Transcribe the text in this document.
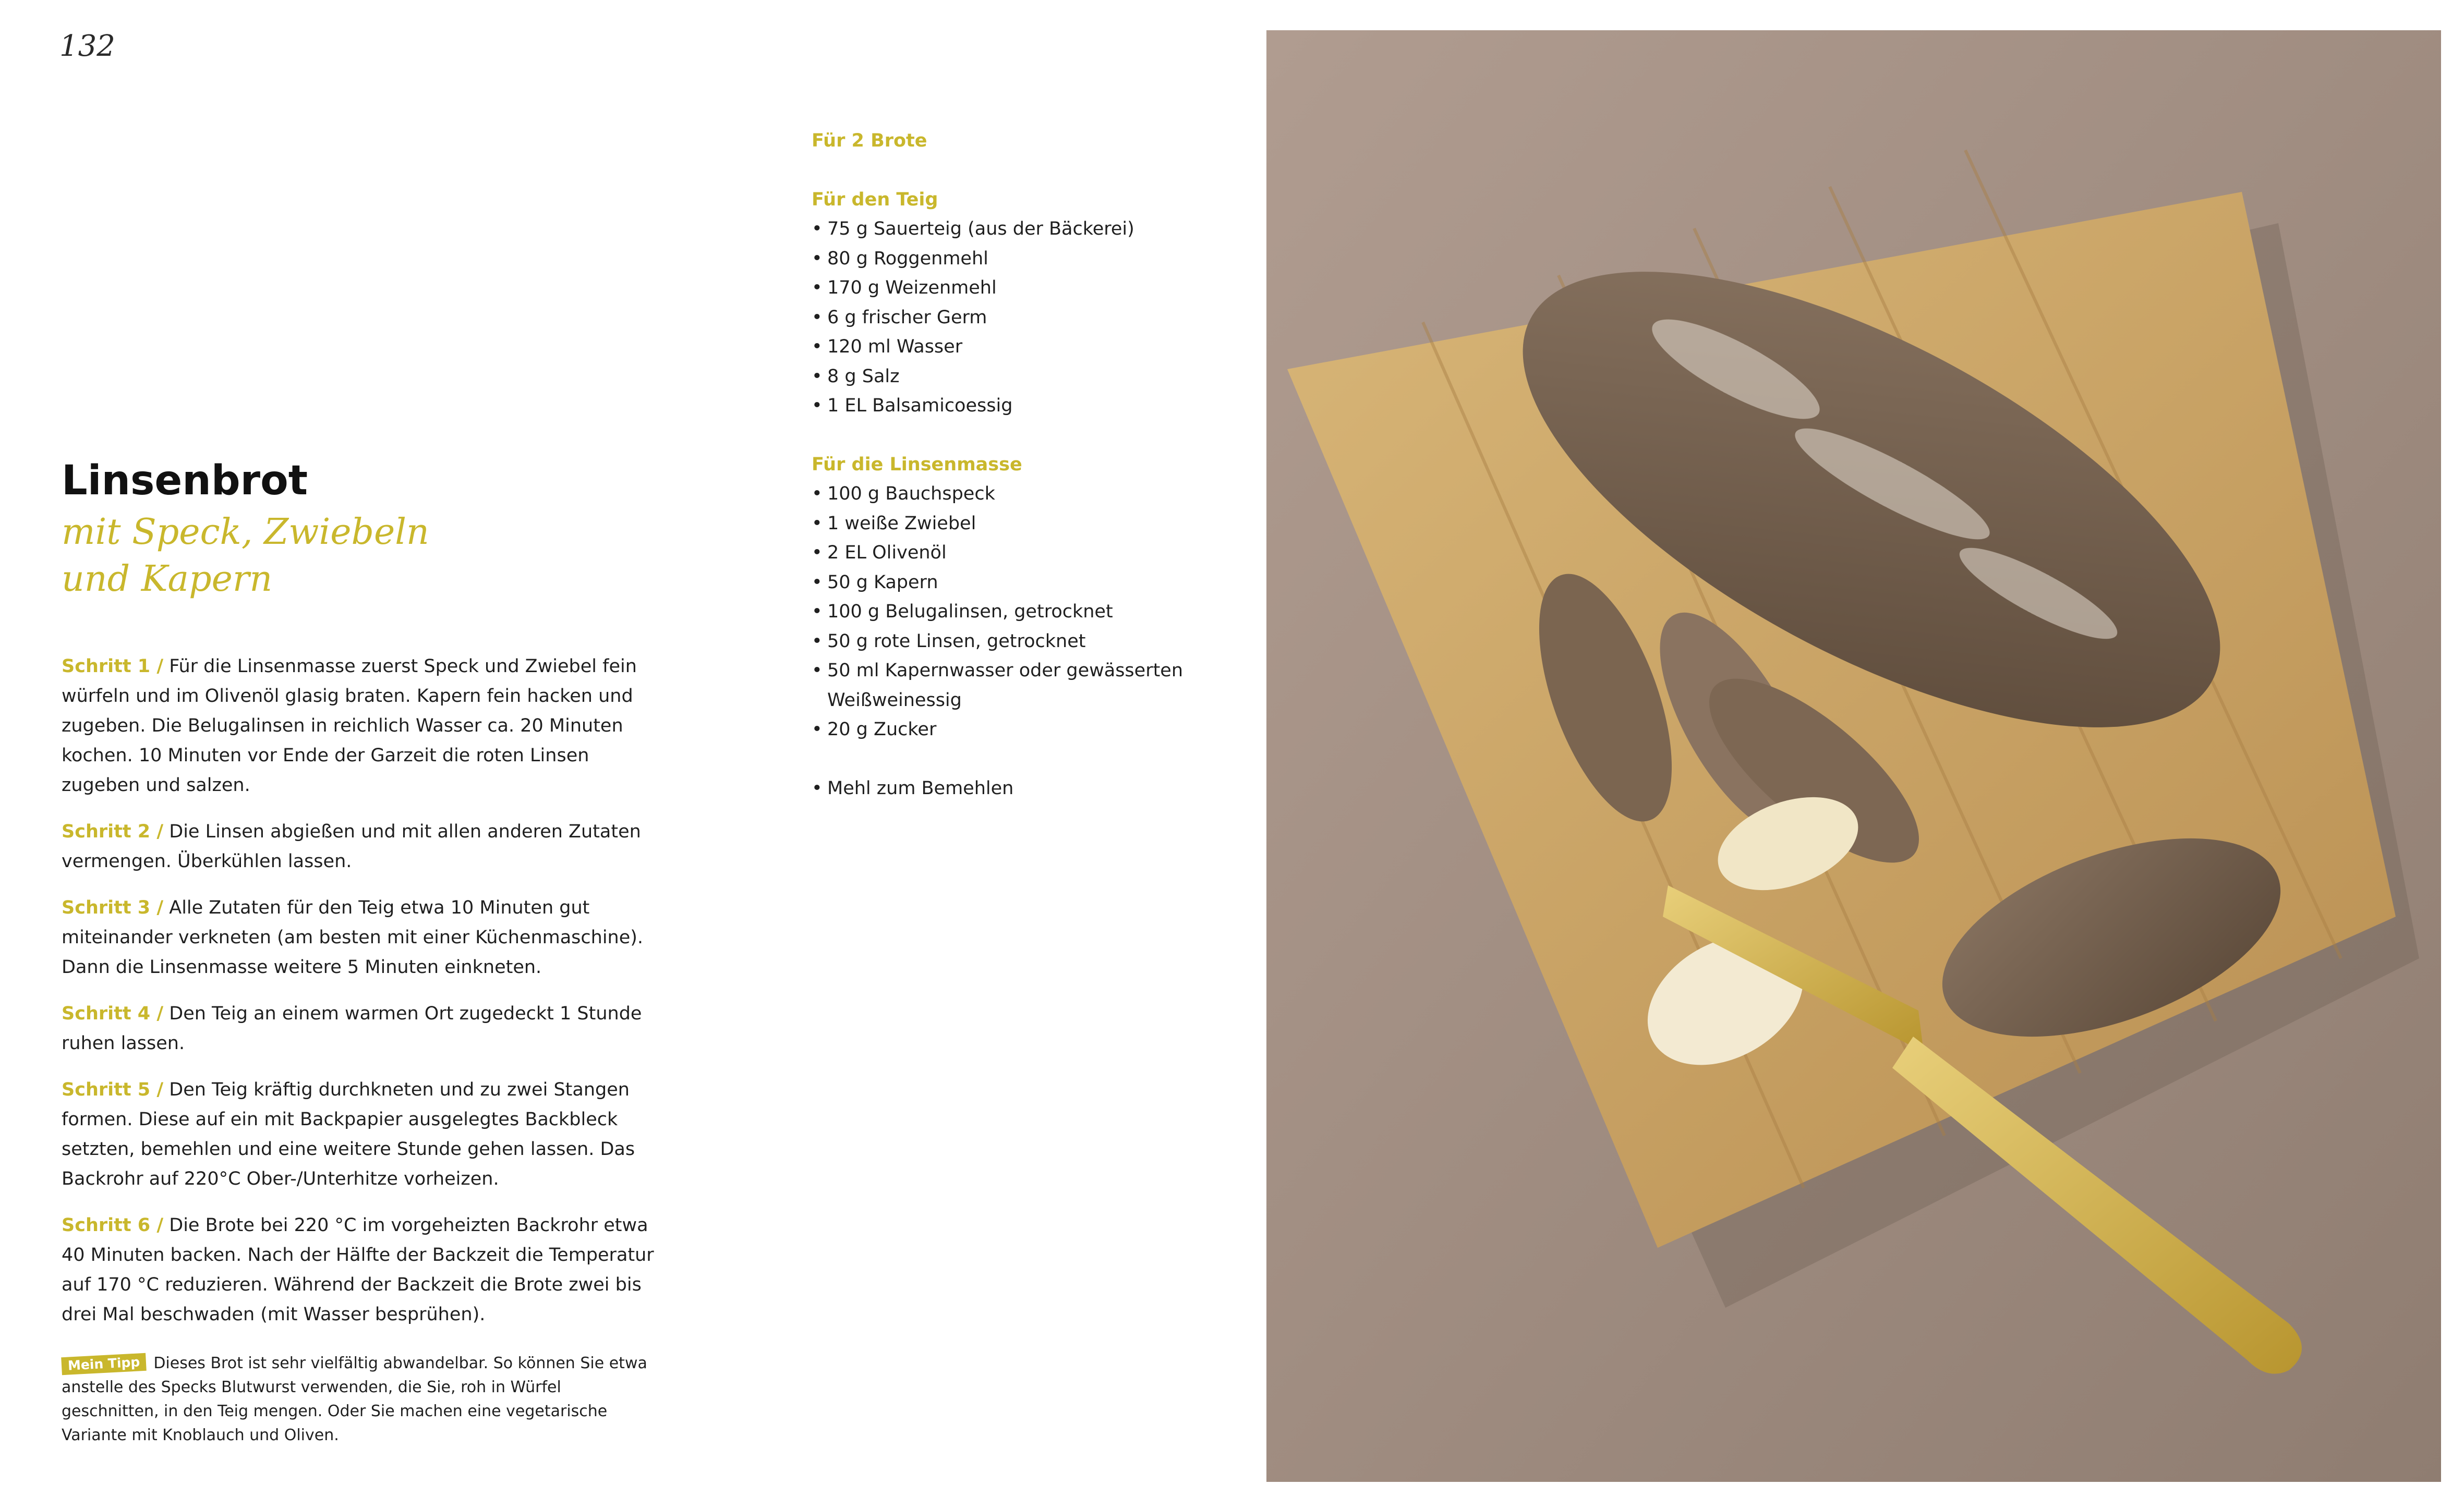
132
Linsenbrot
mit Speck, Zwiebeln
und Kapern

Schritt 1 / Für die Linsenmasse zuerst Speck und Zwiebel fein würfeln und im Olivenöl glasig braten. Kapern fein hacken und zugeben. Die Belugalinsen in reichlich Wasser ca. 20 Minuten kochen. 10 Minuten vor Ende der Garzeit die roten Linsen zugeben und salzen.

Schritt 2 / Die Linsen abgießen und mit allen anderen Zutaten vermengen. Überkühlen lassen.

Schritt 3 / Alle Zutaten für den Teig etwa 10 Minuten gut miteinander verkneten (am besten mit einer Küchenmaschine). Dann die Linsenmasse weitere 5 Minuten einkneten.

Schritt 4 / Den Teig an einem warmen Ort zugedeckt 1 Stunde ruhen lassen.

Schritt 5 / Den Teig kräftig durchkneten und zu zwei Stangen formen. Diese auf ein mit Backpapier ausgelegtes Backbleck setzten, bemehlen und eine weitere Stunde gehen lassen. Das Backrohr auf 220°C Ober-/Unterhitze vorheizen.

Schritt 6 / Die Brote bei 220 °C im vorgeheizten Backrohr etwa 40 Minuten backen. Nach der Hälfte der Backzeit die Temperatur auf 170 °C reduzieren. Während der Backzeit die Brote zwei bis drei Mal beschwaden (mit Wasser besprühen).

Mein Tipp Dieses Brot ist sehr vielfältig abwandelbar. So können Sie etwa anstelle des Specks Blutwurst verwenden, die Sie, roh in Würfel geschnitten, in den Teig mengen. Oder Sie machen eine vegetarische Variante mit Knoblauch und Oliven.
Für 2 Brote
Für den Teig
• 75 g Sauerteig (aus der Bäckerei)
• 80 g Roggenmehl
• 170 g Weizenmehl
• 6 g frischer Germ
• 120 ml Wasser
• 8 g Salz
• 1 EL Balsamicoessig
Für die Linsenmasse
• 100 g Bauchspeck
• 1 weiße Zwiebel
• 2 EL Olivenöl
• 50 g Kapern
• 100 g Belugalinsen, getrocknet
• 50 g rote Linsen, getrocknet
• 50 ml Kapernwasser oder gewässerten Weißweinessig
• 20 g Zucker
• Mehl zum Bemehlen
